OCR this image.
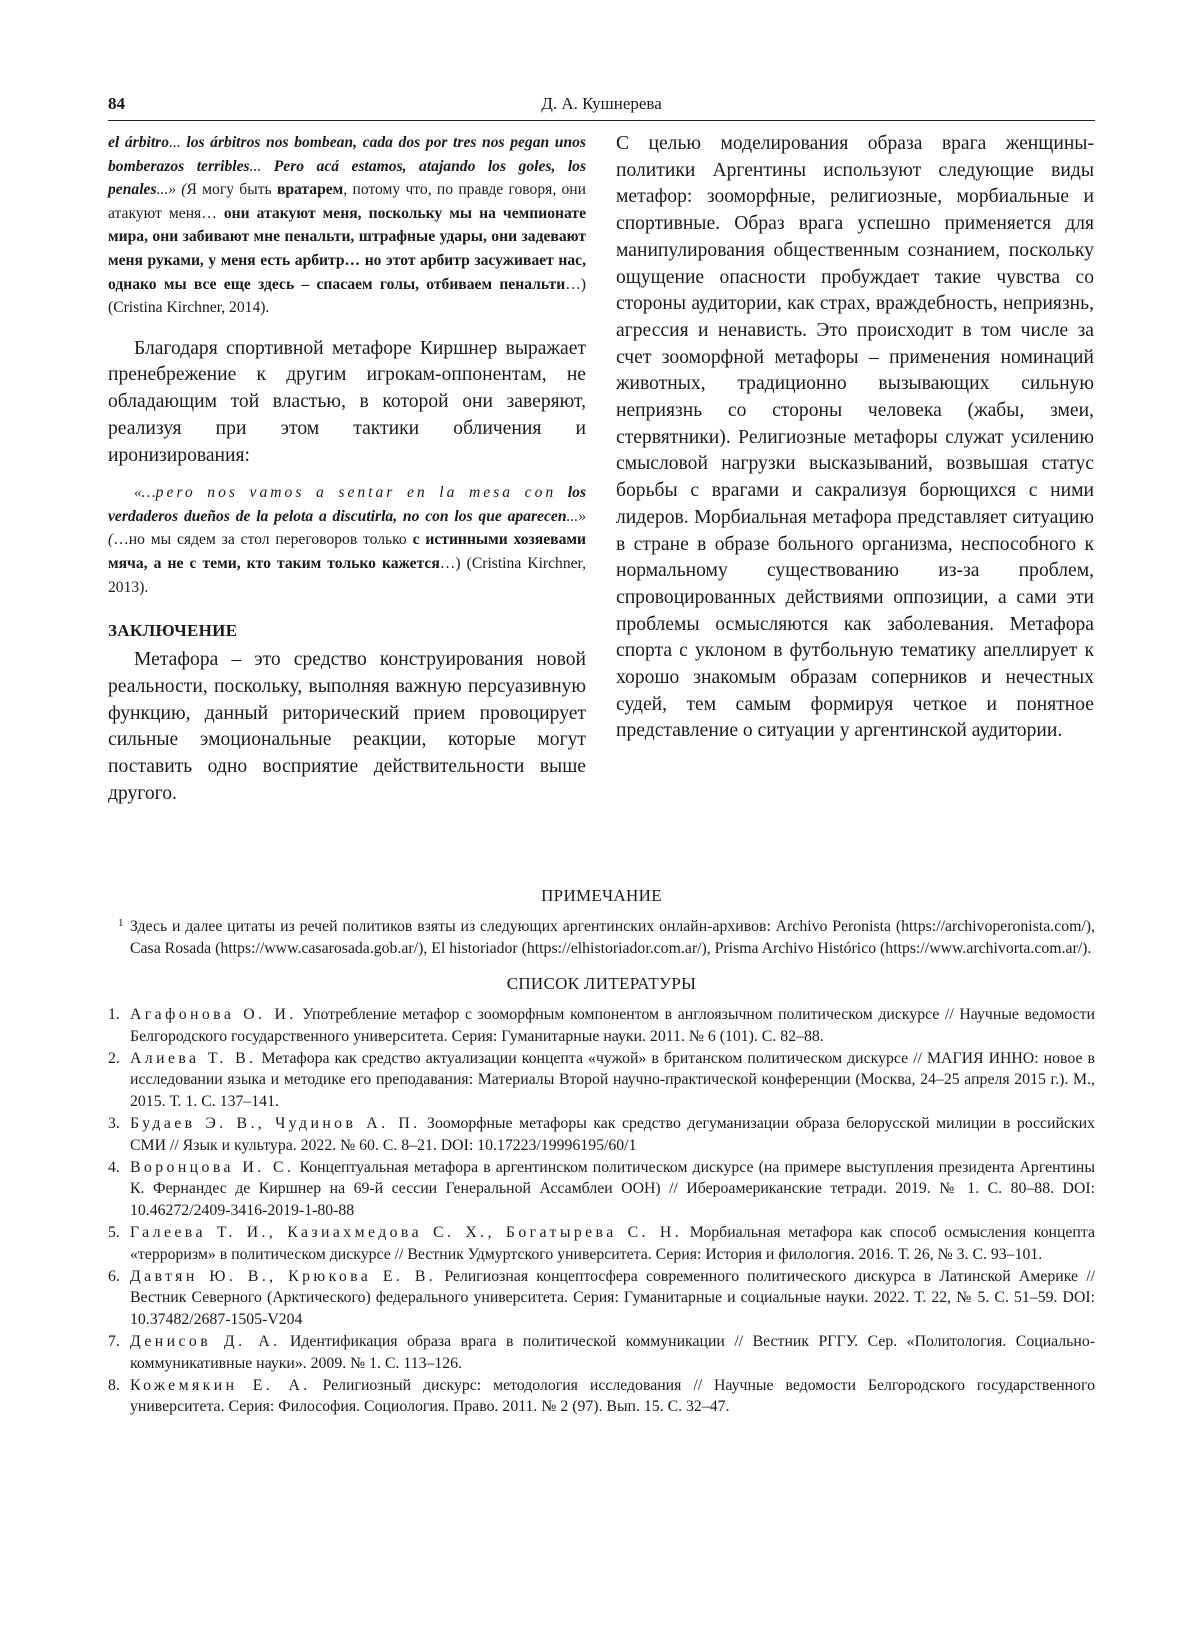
84	Д. А. Кушнерева

el árbitro... los árbitros nos bombean, cada dos por tres nos pegan unos bomberazos terribles... Pero acá estamos, atajando los goles, los penales...» (Я могу быть вратарем, потому что, по правде говоря, они атакуют меня… они атакуют меня, поскольку мы на чемпионате мира, они забивают мне пенальти, штрафные удары, они задевают меня руками, у меня есть арбитр… но этот арбитр засуживает нас, однако мы все еще здесь – спасаем голы, отбиваем пенальти…) (Cristina Kirchner, 2014).

Благодаря спортивной метафоре Киршнер выражает пренебрежение к другим игрокам-оппонентам, не обладающим той властью, в которой они заверяют, реализуя при этом тактики обличения и иронизирования:

«…pero nos vamos a sentar en la mesa con los verdaderos dueños de la pelota a discutirla, no con los que aparecen...» (…но мы сядем за стол переговоров только с истинными хозяевами мяча, а не с теми, кто таким только кажется…) (Cristina Kirchner, 2013).

ЗАКЛЮЧЕНИЕ

Метафора – это средство конструирования новой реальности, поскольку, выполняя важную персуазивную функцию, данный риторический прием провоцирует сильные эмоциональные реакции, которые могут поставить одно восприятие действительности выше другого.

С целью моделирования образа врага женщины-политики Аргентины используют следующие виды метафор: зооморфные, религиозные, морбиальные и спортивные. Образ врага успешно применяется для манипулирования общественным сознанием, поскольку ощущение опасности пробуждает такие чувства со стороны аудитории, как страх, враждебность, неприязнь, агрессия и ненависть. Это происходит в том числе за счет зооморфной метафоры – применения номинаций животных, традиционно вызывающих сильную неприязнь со стороны человека (жабы, змеи, стервятники). Религиозные метафоры служат усилению смысловой нагрузки высказываний, возвышая статус борьбы с врагами и сакрализуя борющихся с ними лидеров. Морбиальная метафора представляет ситуацию в стране в образе больного организма, неспособного к нормальному существованию из-за проблем, спровоцированных действиями оппозиции, а сами эти проблемы осмысляются как заболевания. Метафора спорта с уклоном в футбольную тематику апеллирует к хорошо знакомым образам соперников и нечестных судей, тем самым формируя четкое и понятное представление о ситуации у аргентинской аудитории.

ПРИМЕЧАНИЕ

1 Здесь и далее цитаты из речей политиков взяты из следующих аргентинских онлайн-архивов: Archivo Peronista (https://archivoperonista.com/), Casa Rosada (https://www.casarosada.gob.ar/), El historiador (https://elhistoriador.com.ar/), Prisma Archivo Histórico (https://www.archivorta.com.ar/).

СПИСОК ЛИТЕРАТУРЫ
1. Агафонова О. И. Употребление метафор с зооморфным компонентом в англоязычном политическом дискурсе // Научные ведомости Белгородского государственного университета. Серия: Гуманитарные науки. 2011. № 6 (101). С. 82–88.
2. Алиева Т. В. Метафора как средство актуализации концепта «чужой» в британском политическом дискурсе // МАГИЯ ИННО: новое в исследовании языка и методике его преподавания: Материалы Второй научно-практической конференции (Москва, 24–25 апреля 2015 г.). М., 2015. Т. 1. С. 137–141.
3. Будаев Э. В., Чудинов А. П. Зооморфные метафоры как средство дегуманизации образа белорусской милиции в российских СМИ // Язык и культура. 2022. № 60. С. 8–21. DOI: 10.17223/19996195/60/1
4. Воронцова И. С. Концептуальная метафора в аргентинском политическом дискурсе (на примере выступления президента Аргентины К. Фернандес де Киршнер на 69-й сессии Генеральной Ассамблеи ООН) // Ибероамериканские тетради. 2019. № 1. С. 80–88. DOI: 10.46272/2409-3416-2019-1-80-88
5. Галеева Т. И., Казиахмедова С. Х., Богатырева С. Н. Морбиальная метафора как способ осмысления концепта «терроризм» в политическом дискурсе // Вестник Удмуртского университета. Серия: История и филология. 2016. Т. 26, № 3. С. 93–101.
6. Давтян Ю. В., Крюкова Е. В. Религиозная концептосфера современного политического дискурса в Латинской Америке // Вестник Северного (Арктического) федерального университета. Серия: Гуманитарные и социальные науки. 2022. Т. 22, № 5. С. 51–59. DOI: 10.37482/2687-1505-V204
7. Денисов Д. А. Идентификация образа врага в политической коммуникации // Вестник РГГУ. Сер. «Политология. Социально-коммуникативные науки». 2009. № 1. С. 113–126.
8. Кожемякин Е. А. Религиозный дискурс: методология исследования // Научные ведомости Белгородского государственного университета. Серия: Философия. Социология. Право. 2011. № 2 (97). Вып. 15. С. 32–47.
